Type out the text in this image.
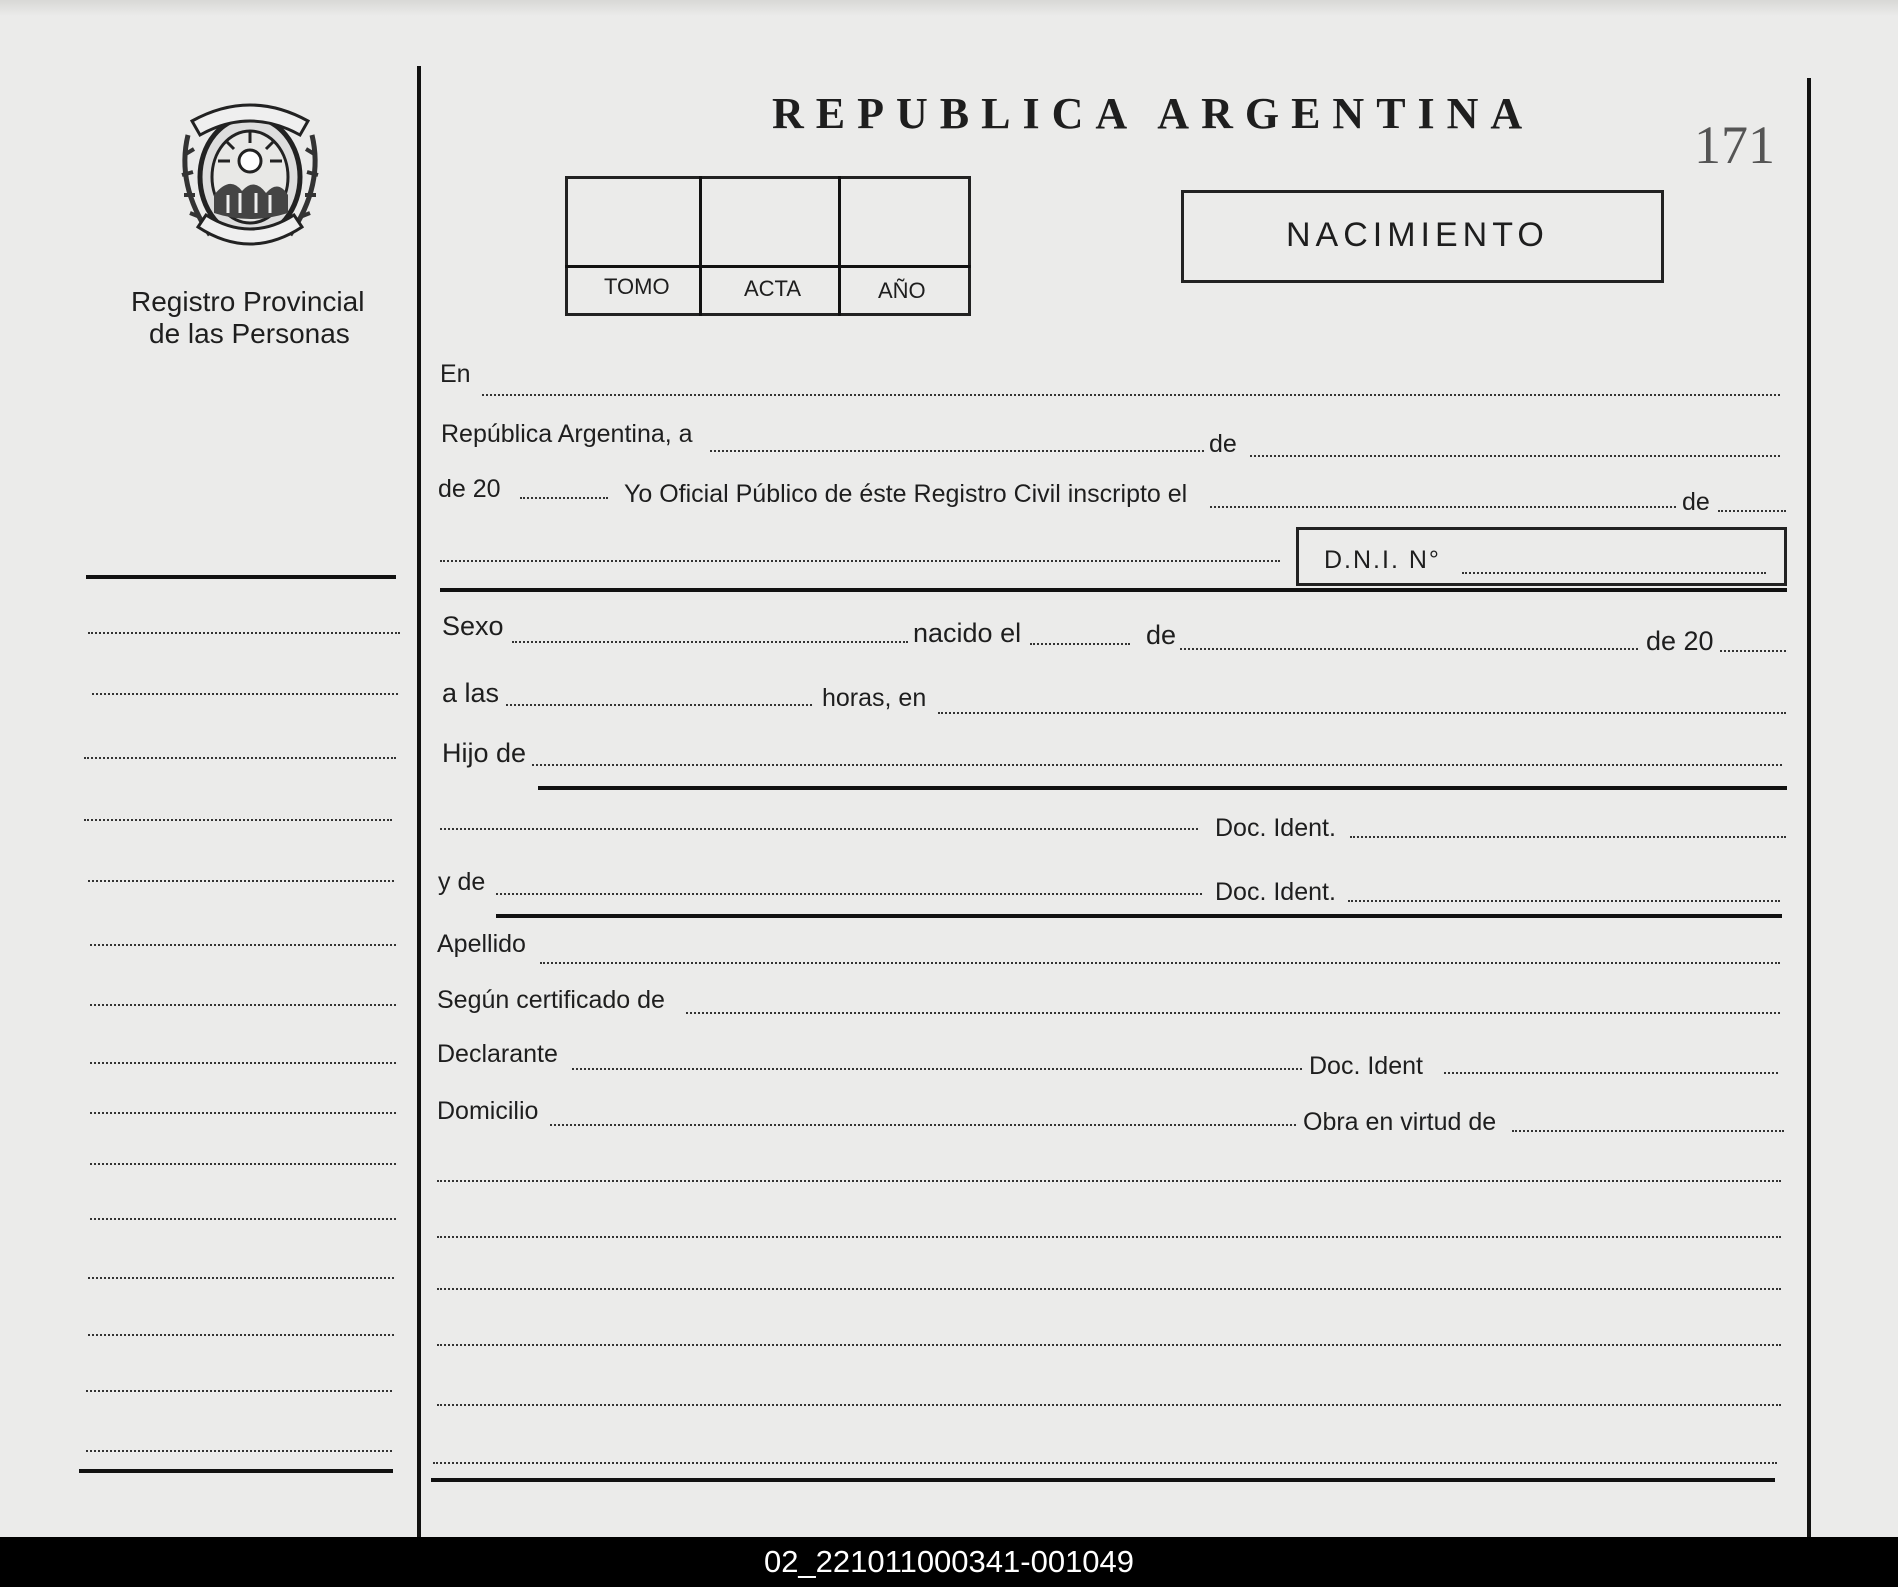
Registro Provincial
de las Personas
REPUBLICA ARGENTINA
171
TOMO	ACTA	AÑO
NACIMIENTO
En
República Argentina, a	de
de 20	Yo Oficial Público de éste Registro Civil inscripto el	de
D.N.I. N°
Sexo	nacido el	de	de 20
a las	horas, en
Hijo de
Doc. Ident.
y de	Doc. Ident.
Apellido
Según certificado de
Declarante	Doc. Ident
Domicilio	Obra en virtud de
02_221011000341-001049
